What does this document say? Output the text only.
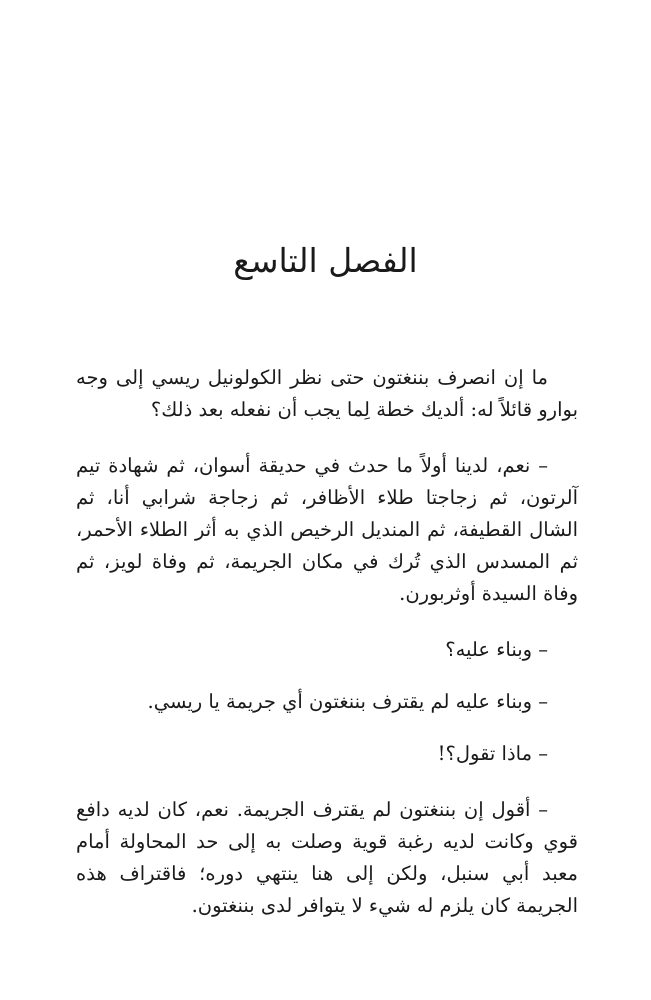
الفصل التاسع

ما إن انصرف بننغتون حتى نظر الكولونيل ريسي إلى وجه بوارو قائلاً له: ألديك خطة لِما يجب أن نفعله بعد ذلك؟

– نعم، لدينا أولاً ما حدث في حديقة أسوان، ثم شهادة تيم آلرتون، ثم زجاجتا طلاء الأظافر، ثم زجاجة شرابي أنا، ثم الشال القطيفة، ثم المنديل الرخيص الذي به أثر الطلاء الأحمر، ثم المسدس الذي تُرك في مكان الجريمة، ثم وفاة لويز، ثم وفاة السيدة أوثربورن.

– وبناء عليه؟

– وبناء عليه لم يقترف بننغتون أي جريمة يا ريسي.

– ماذا تقول؟!

– أقول إن بننغتون لم يقترف الجريمة. نعم، كان لديه دافع قوي وكانت لديه رغبة قوية وصلت به إلى حد المحاولة أمام معبد أبي سنبل، ولكن إلى هنا ينتهي دوره؛ فاقتراف هذه الجريمة كان يلزم له شيء لا يتوافر لدى بننغتون.
